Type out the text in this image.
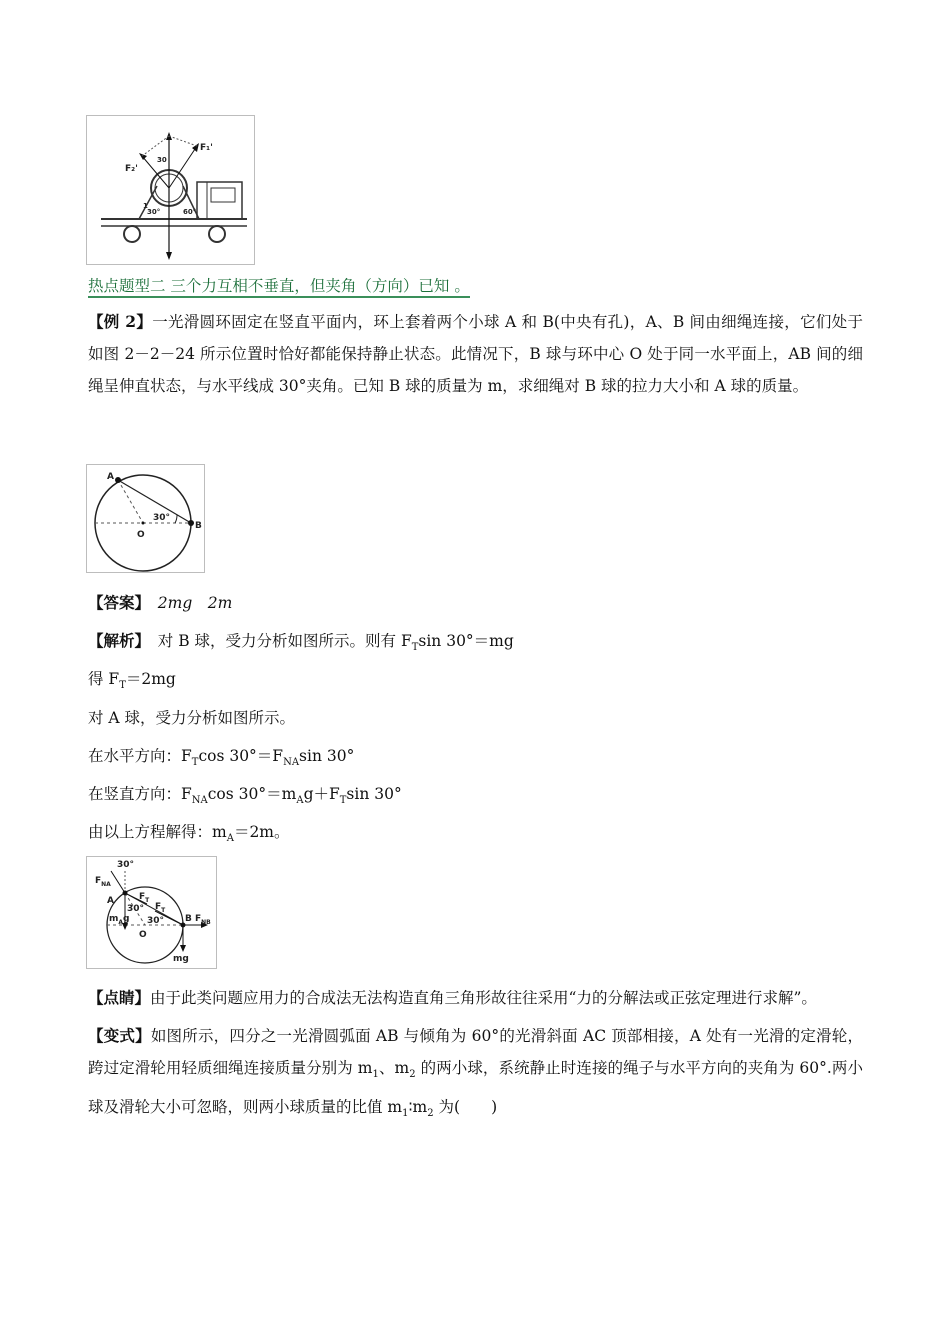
F₁'
F₂'
30
30°	60°
1
热点题型二 三个力互相不垂直，但夹角（方向）已知 。
【例 2】一光滑圆环固定在竖直平面内，环上套着两个小球 A 和 B(中央有孔)，A、B 间由细绳连接，它们处于如图 2－2－24 所示位置时恰好都能保持静止状态。此情况下，B 球与环中心 O 处于同一水平面上，AB 间的细绳呈伸直状态，与水平线成 30°夹角。已知 B 球的质量为 m，求细绳对 B 球的拉力大小和 A 球的质量。
A
B
O
30°
【答案】　 2mg　2m
【解析】　 对 B 球，受力分析如图所示。则有 $F_T\sin$ 30°＝mg
得 $F_T=2mg$
对 A 球，受力分析如图所示。
在水平方向：$F_T\cos$ $30^\circ=F_{NA}\sin$ 30°
在竖直方向：$F_{NA}\cos$ $30^\circ=m_Ag+F_T\sin$ 30°
由以上方程解得：$m_A=2m$。
30°
$F_{NA}$
A
$m_Ag$
$F_T$
$F_T$
30°
30° B $F_{NB}$
O
mg
【点睛】由于此类问题应用力的合成法无法构造直角三角形故往往采用“力的分解法或正弦定理进行求解”。
【变式】如图所示，四分之一光滑圆弧面 AB 与倾角为 60°的光滑斜面 AC 顶部相接，A 处有一光滑的定滑轮，跨过定滑轮用轻质细绳连接质量分别为 $m_1$、$m_2$ 的两小球，系统静止时连接的绳子与水平方向的夹角为 60°.两小球及滑轮大小可忽略，则两小球质量的比值 $m_1∶m_2$ 为(　　)
